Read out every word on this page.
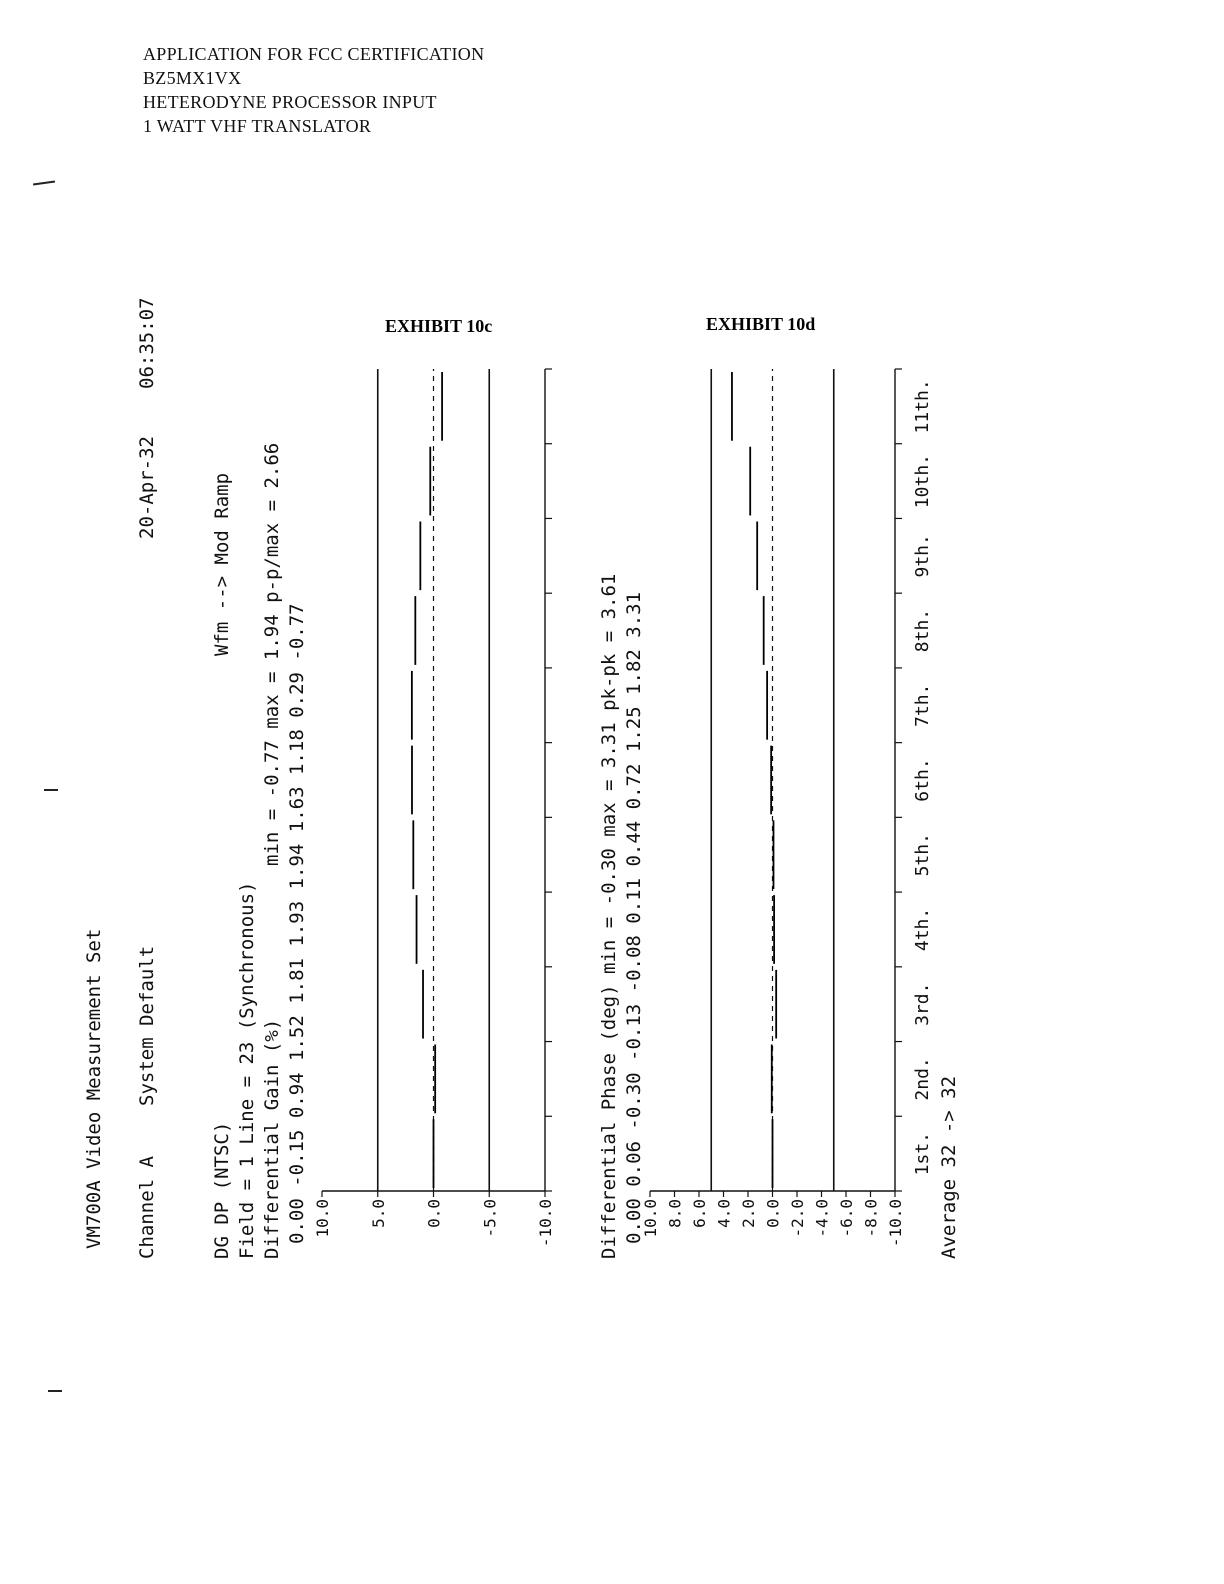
APPLICATION FOR FCC CERTIFICATION
BZ5MX1VX
HETERODYNE PROCESSOR INPUT
1 WATT VHF TRANSLATOR
EXHIBIT 10c	EXHIBIT 10d
VM700A Video Measurement Set Channel A
System Default
20-Apr-32
06:35:07
DG DP (NTSC)
Wfm --> Mod Ramp
Field = 1 Line = 23 (Synchronous) Differential Gain (%)
min = -0.77 max = 1.94 p-p/max = 2.66 0.00 -0.15 0.94 1.52 1.81 1.93 1.94 1.63 1.18 0.29 -0.77	Differential Phase (deg)
min = -0.30 max = 3.31 pk-pk = 3.61 0.00 0.06 -0.30 -0.13 -0.08 0.11 0.44 0.72 1.25 1.82 3.31	Average 32 -> 32
10.0 5.0 0.0 -5.0 -10.0	10.0 8.0 6.0 4.0 2.0 0.0 -2.0 -4.0 -6.0 -8.0 -10.0
1st.
2nd.
3rd.
4th.
5th.
6th.
7th.
8th.
9th.
10th.
11th.
